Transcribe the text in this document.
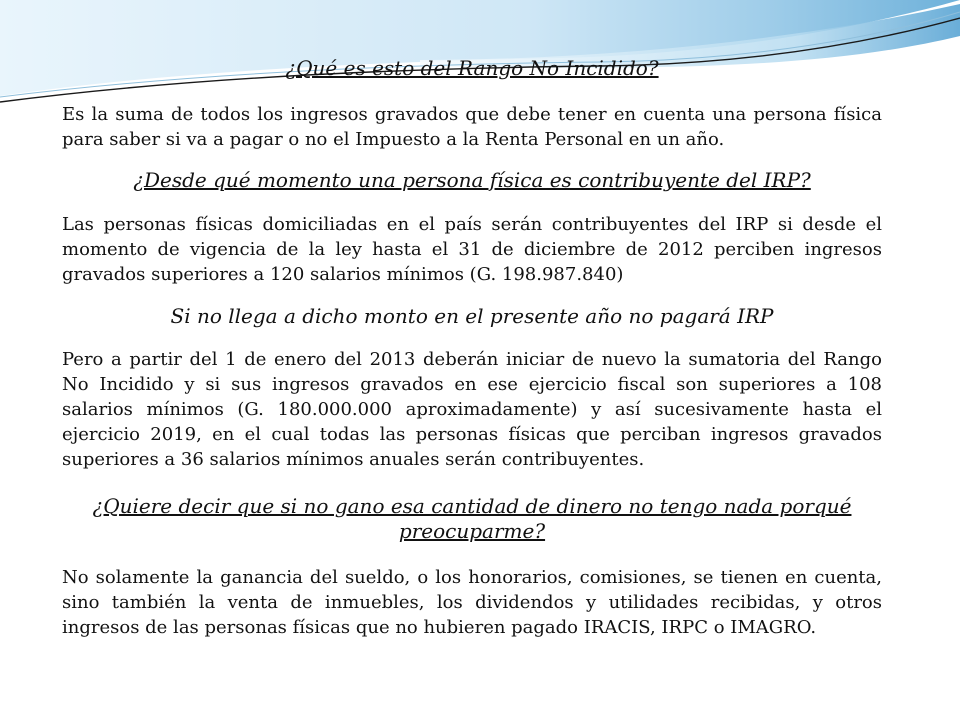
¿Qué es esto del Rango No Incidido?

Es la suma de todos los ingresos gravados que debe tener en cuenta una persona física para saber si va a pagar o no el Impuesto a la Renta Personal en un año.

¿Desde qué momento una persona física es contribuyente del IRP?

Las personas físicas domiciliadas en el país serán contribuyentes del IRP si desde el momento de vigencia de la ley hasta el 31 de diciembre de 2012 perciben ingresos gravados superiores a 120 salarios mínimos (G. 198.987.840)

Si no llega a dicho monto en el presente año no pagará IRP

Pero a partir del 1 de enero del 2013 deberán iniciar de nuevo la sumatoria del Rango No Incidido y si sus ingresos gravados en ese ejercicio fiscal son superiores a 108 salarios mínimos (G. 180.000.000 aproximadamente) y así sucesivamente hasta el ejercicio 2019, en el cual todas las personas físicas que perciban ingresos gravados superiores a 36 salarios mínimos anuales serán contribuyentes.

¿Quiere decir que si no gano esa cantidad de dinero no tengo nada porqué preocuparme?

No solamente la ganancia del sueldo, o los honorarios, comisiones, se tienen en cuenta, sino también la venta de inmuebles, los dividendos y utilidades recibidas, y otros ingresos de las personas físicas que no hubieren pagado IRACIS, IRPC o IMAGRO.
